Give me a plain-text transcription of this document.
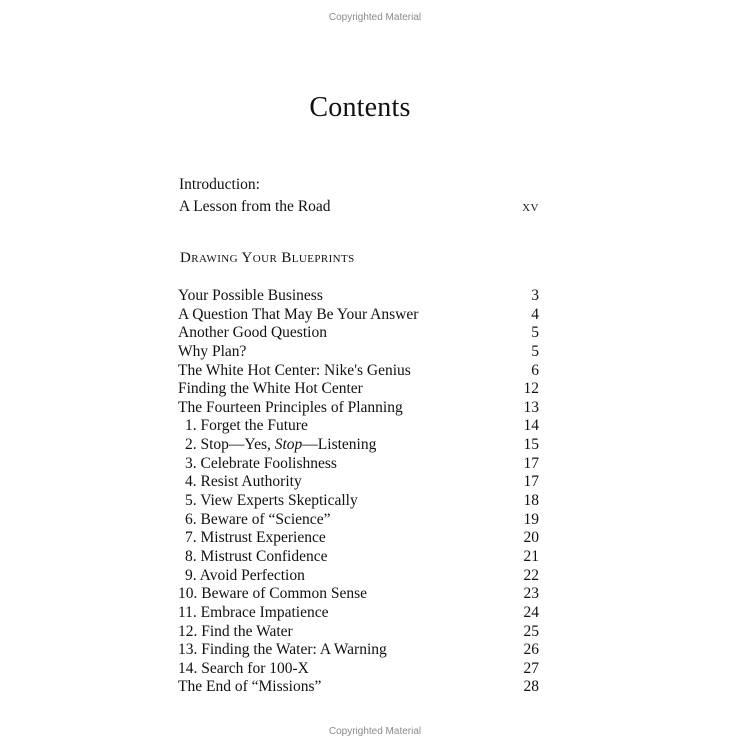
Copyrighted Material
Contents
Introduction:
A Lesson from the Road	xv
Drawing Your Blueprints
Your Possible Business	3
A Question That May Be Your Answer	4
Another Good Question	5
Why Plan?	5
The White Hot Center: Nike's Genius	6
Finding the White Hot Center	12
The Fourteen Principles of Planning	13
1. Forget the Future	14
2. Stop—Yes, Stop—Listening	15
3. Celebrate Foolishness	17
4. Resist Authority	17
5. View Experts Skeptically	18
6. Beware of “Science”	19
7. Mistrust Experience	20
8. Mistrust Confidence	21
9. Avoid Perfection	22
10. Beware of Common Sense	23
11. Embrace Impatience	24
12. Find the Water	25
13. Finding the Water: A Warning	26
14. Search for 100-X	27
The End of “Missions”	28
Copyrighted Material
